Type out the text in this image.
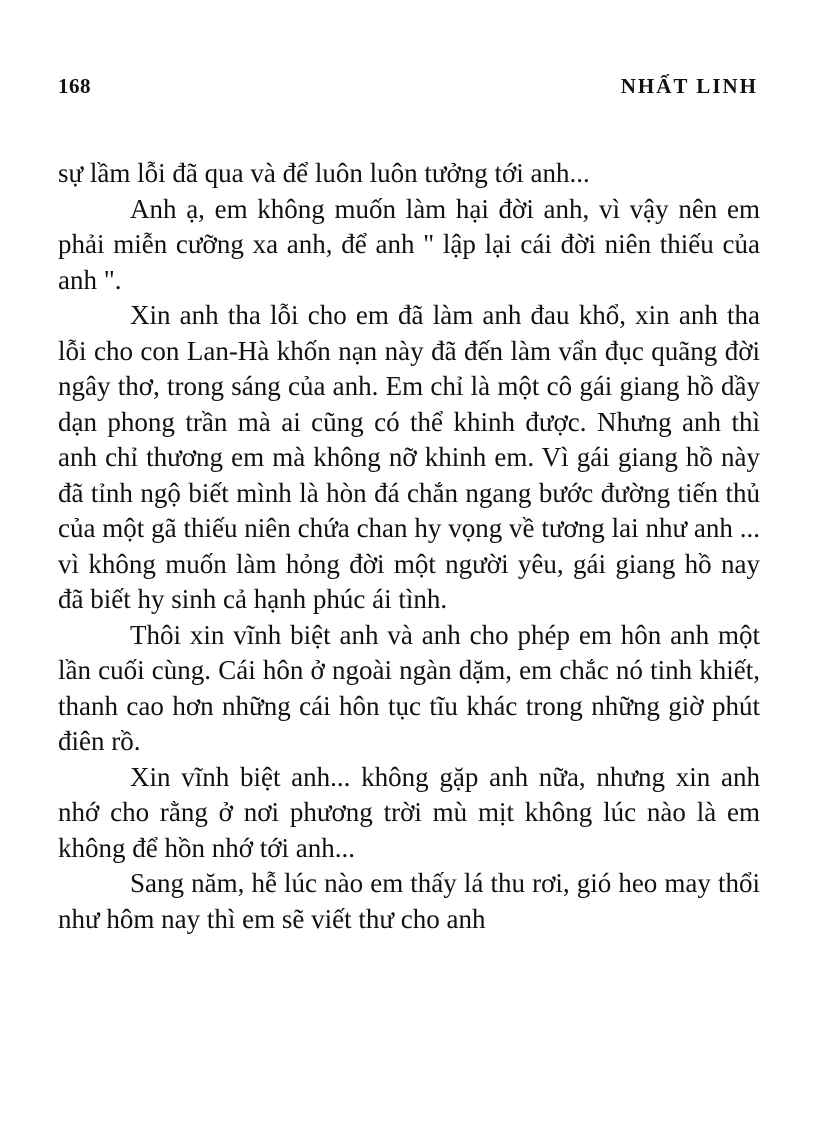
168	NHẤT LINH

sự lầm lỗi đã qua và để luôn luôn tưởng tới anh...

Anh ạ, em không muốn làm hại đời anh, vì vậy nên em phải miễn cưỡng xa anh, để anh " lập lại cái đời niên thiếu của anh ".

Xin anh tha lỗi cho em đã làm anh đau khổ, xin anh tha lỗi cho con Lan-Hà khốn nạn này đã đến làm vẩn đục quãng đời ngây thơ, trong sáng của anh. Em chỉ là một cô gái giang hồ dầy dạn phong trần mà ai cũng có thể khinh được. Nhưng anh thì anh chỉ thương em mà không nỡ khinh em. Vì gái giang hồ này đã tỉnh ngộ biết mình là hòn đá chắn ngang bước đường tiến thủ của một gã thiếu niên chứa chan hy vọng về tương lai như anh ... vì không muốn làm hỏng đời một người yêu, gái giang hồ nay đã biết hy sinh cả hạnh phúc ái tình.

Thôi xin vĩnh biệt anh và anh cho phép em hôn anh một lần cuối cùng. Cái hôn ở ngoài ngàn dặm, em chắc nó tinh khiết, thanh cao hơn những cái hôn tục tĩu khác trong những giờ phút điên rồ.

Xin vĩnh biệt anh... không gặp anh nữa, nhưng xin anh nhớ cho rằng ở nơi phương trời mù mịt không lúc nào là em không để hồn nhớ tới anh...

Sang năm, hễ lúc nào em thấy lá thu rơi, gió heo may thổi như hôm nay thì em sẽ viết thư cho anh
